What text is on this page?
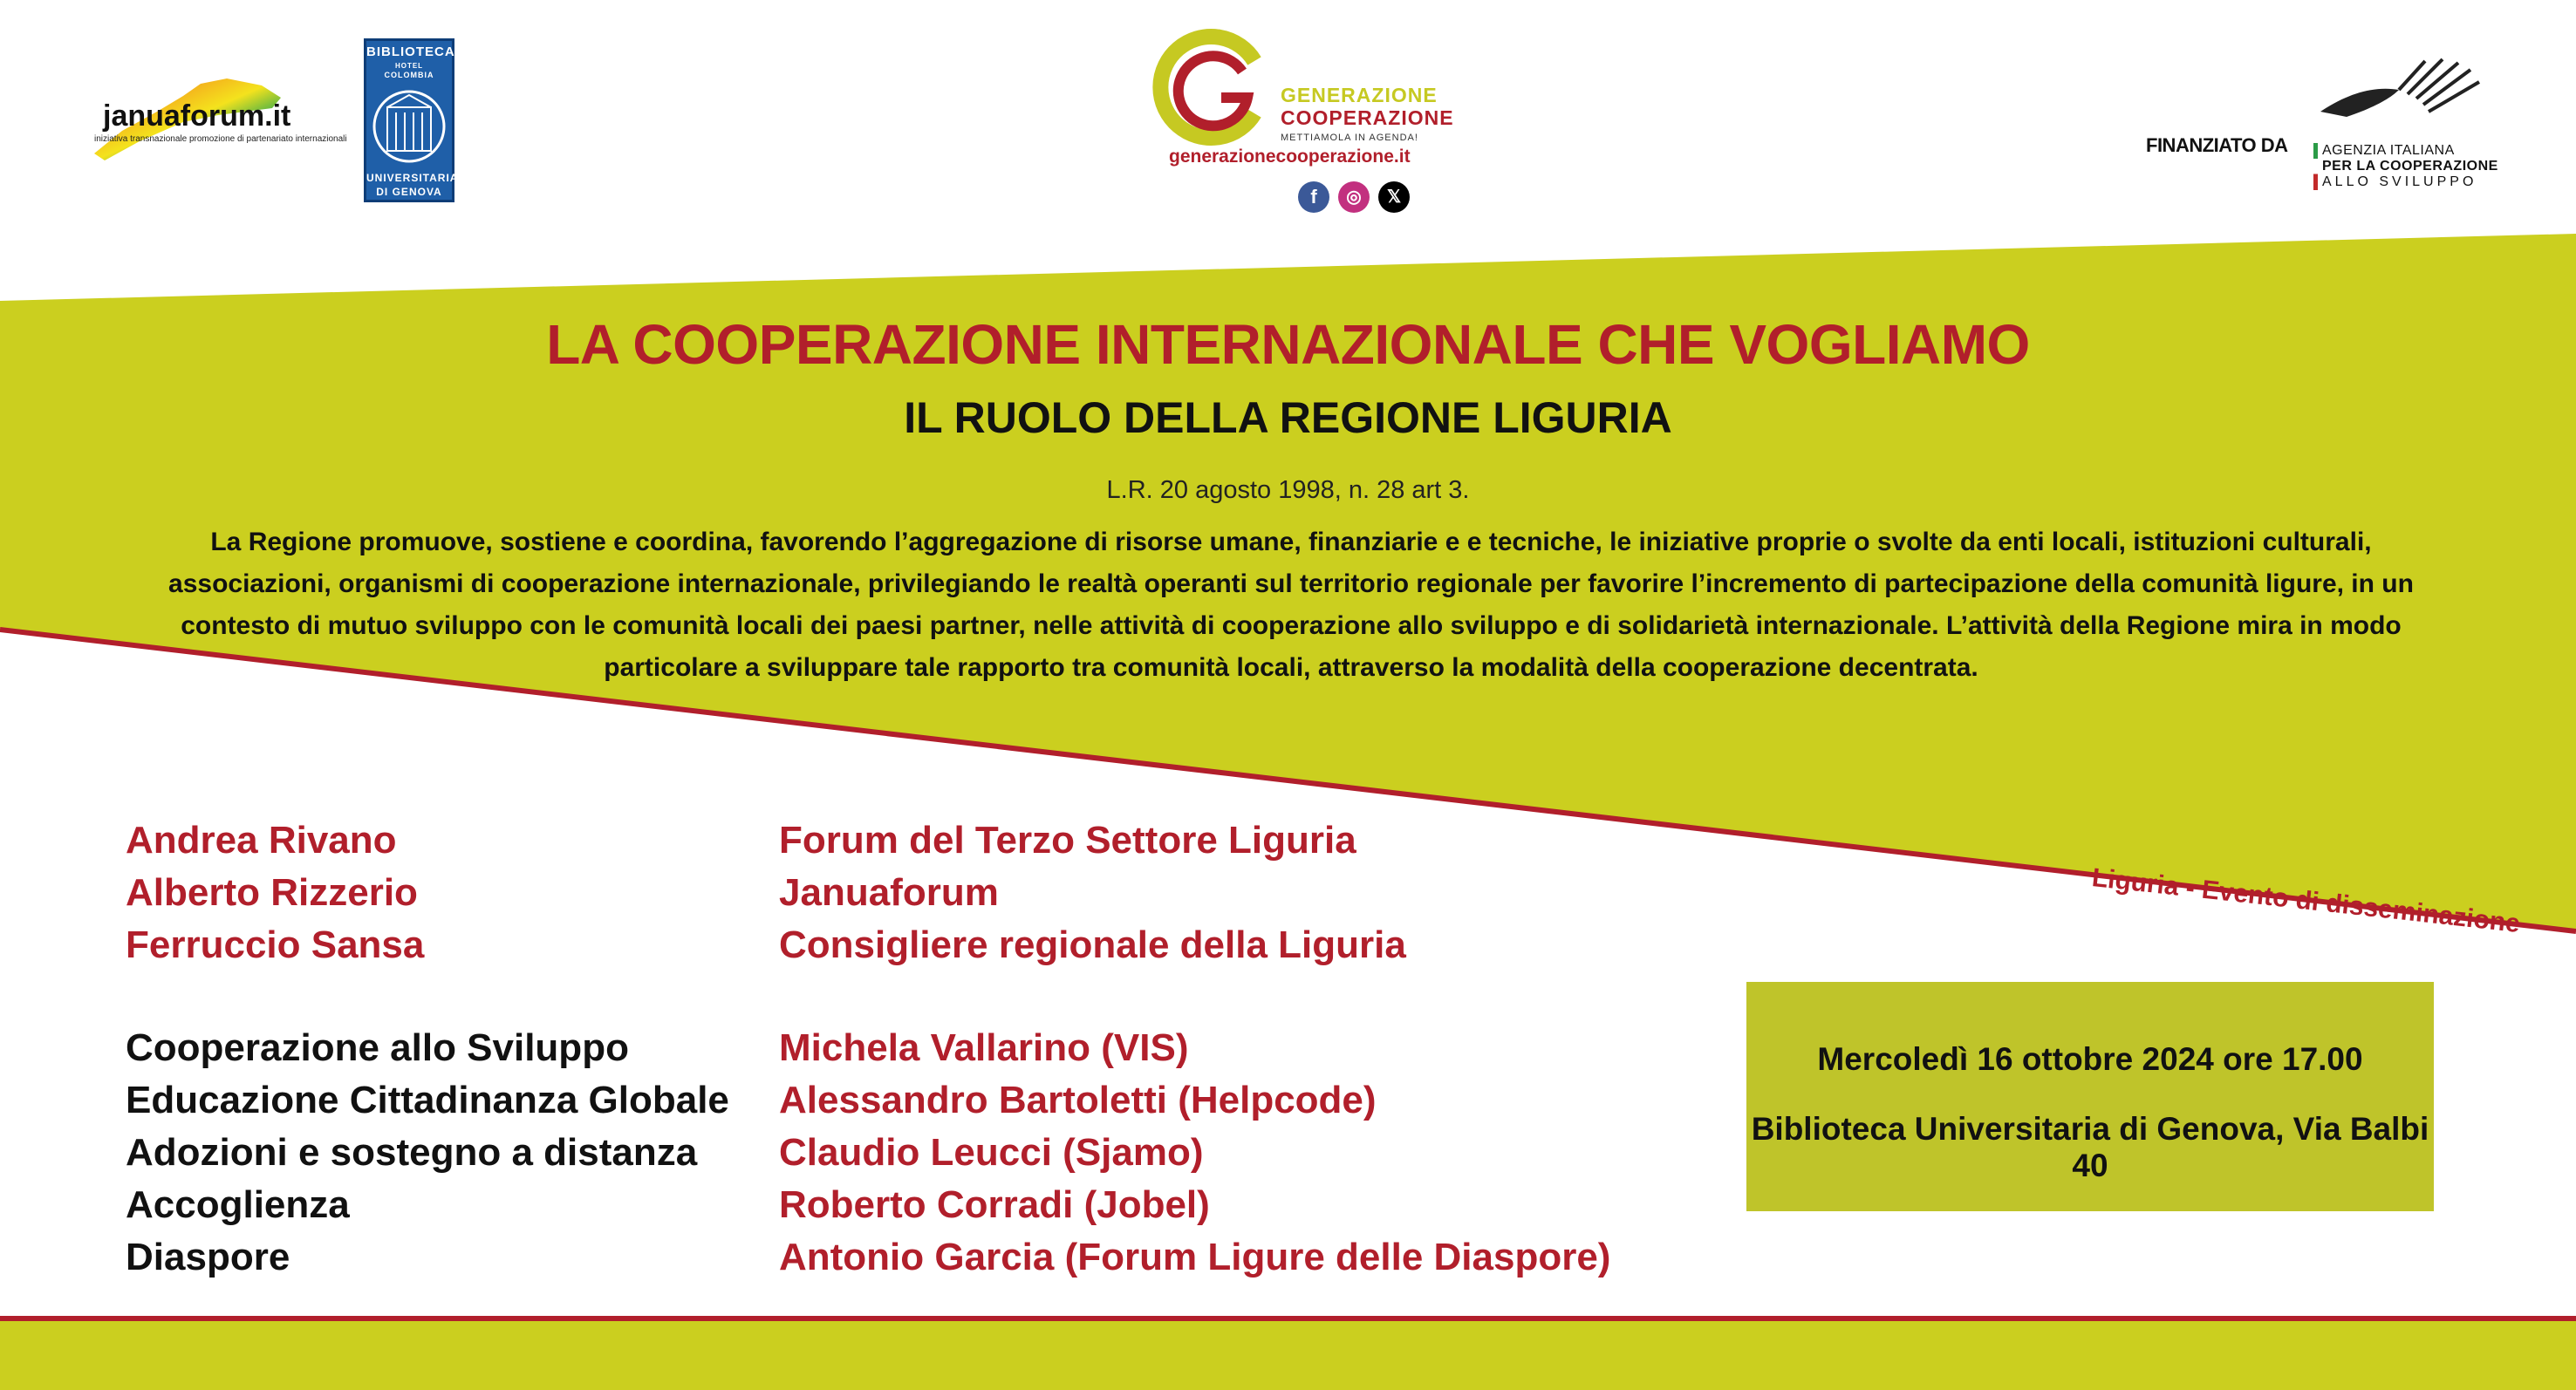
januaforum.it
iniziativa transnazionale promozione di partenariato internazionali
BIBLIOTECA
HOTEL
COLOMBIA
UNIVERSITARIA
DI GENOVA
GENERAZIONE
COOPERAZIONE
METTIAMOLA IN AGENDA!
generazionecooperazione.it
f	◎	𝕏
FINANZIATO DA AGENZIA ITALIANA
PER LA COOPERAZIONE
ALLO SVILUPPO
LA COOPERAZIONE INTERNAZIONALE CHE VOGLIAMO
IL RUOLO DELLA REGIONE LIGURIA
L.R. 20 agosto 1998, n. 28 art 3.
La Regione promuove, sostiene e coordina, favorendo l’aggregazione di risorse umane, finanziarie e e tecniche, le iniziative proprie o svolte da enti locali, istituzioni culturali,
associazioni, organismi di cooperazione internazionale, privilegiando le realtà operanti sul territorio regionale per favorire l’incremento di partecipazione della comunità ligure, in un
contesto di mutuo sviluppo con le comunità locali dei paesi partner, nelle attività di cooperazione allo sviluppo e di solidarietà internazionale. L’attività della Regione mira in modo
particolare a sviluppare tale rapporto tra comunità locali, attraverso la modalità della cooperazione decentrata.
Liguria - Evento di disseminazione
Andrea Rivano
Alberto Rizzerio
Ferruccio Sansa
Forum del Terzo Settore Liguria
Januaforum
Consigliere regionale della Liguria
Cooperazione allo Sviluppo
Educazione Cittadinanza Globale
Adozioni e sostegno a distanza
Accoglienza
Diaspore
Michela Vallarino (VIS)
Alessandro Bartoletti (Helpcode)
Claudio Leucci (Sjamo)
Roberto Corradi (Jobel)
Antonio Garcia (Forum Ligure delle Diaspore)
Mercoledì 16 ottobre 2024 ore 17.00
Biblioteca Universitaria di Genova, Via Balbi 40
